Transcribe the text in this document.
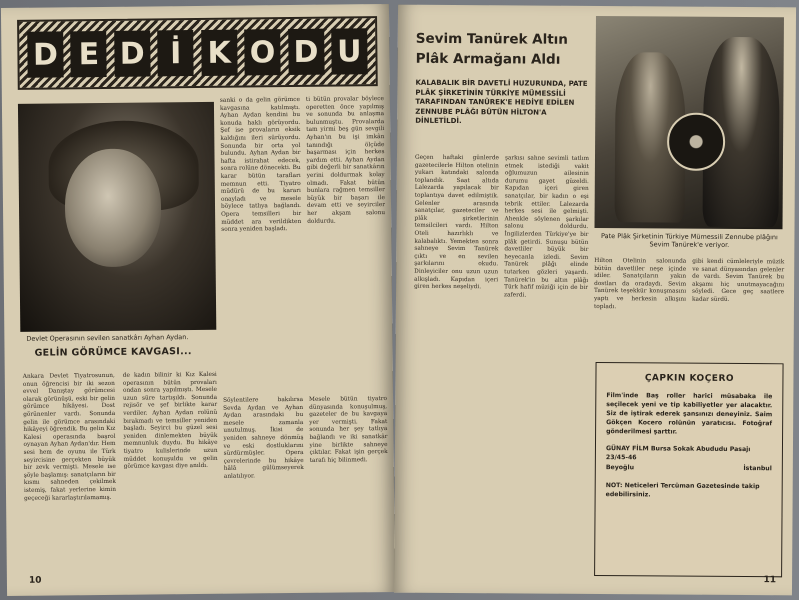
D E D İ K O D U
Devlet Operasının sevilen sanatkârı Ayhan Aydan.
GELİN GÖRÜMCE KAVGASI...

Ankara Devlet Tiyatrosunun, onun öğrencisi bir iki sezon evvel Danıştay görümcesi olarak görünüşü, eski bir gelin görümce hikâyesi. Dost görünenler vardı. Sonunda gelin ile görümce arasındaki hikâyeyi öğrendik. Bu gelin Kız Kalesi operasında başrol oynayan Ayhan Aydan'dır. Hem sesi hem de oyunu ile Türk seyircisine gerçekten büyük bir zevk vermişti. Mesele ise şöyle başlamış: sanatçıların bir kısmı sahneden çekilmek istemiş, fakat yerlerine kimin geçeceği kararlaştırılamamış.

de kadın bilinir ki Kız Kalesi operasının bütün provaları ondan sonra yapılmıştı. Mesele uzun süre tartışıldı. Sonunda rejisör ve şef birlikte karar verdiler. Ayhan Aydan rolünü bırakmadı ve temsiller yeniden başladı. Seyirci bu güzel sesi yeniden dinlemekten büyük memnunluk duydu. Bu hikâye tiyatro kulislerinde uzun müddet konuşuldu ve gelin görümce kavgası diye anıldı.

sanki o da gelin görümce kavgasına katılmıştı. Ayhan Aydan kendini bu konuda haklı görüyordu. Şef ise provaların eksik kaldığını ileri sürüyordu. Sonunda bir orta yol bulundu. Ayhan Aydan bir hafta istirahat edecek, sonra rolüne dönecekti. Bu karar bütün tarafları memnun etti. Tiyatro müdürü de bu kararı onayladı ve mesele böylece tatlıya bağlandı. Opera temsilleri bir müddet ara verildikten sonra yeniden başladı.

ti bütün provalar böylece operetten önce yapılmış ve sonunda bu anlaşma bulunmuştu. Provalarda tam yirmi beş gün sevgili Ayhan'ın bu işi imkân tanındığı ölçüde başarması için herkes yardım etti. Ayhan Aydan gibi değerli bir sanatkârın yerini doldurmak kolay olmadı. Fakat bütün bunlara rağmen temsiller büyük bir başarı ile devam etti ve seyirciler her akşam salonu doldurdu.

Söylentilere bakılırsa Sevda Aydan ve Ayhan Aydan arasındaki bu mesele zamanla unutulmuş. İkisi de yeniden sahneye dönmüş ve eski dostluklarını sürdürmüşler. Opera çevrelerinde bu hikâye hâlâ gülümseyerek anlatılıyor.

Mesele bütün tiyatro dünyasında konuşulmuş, gazeteler de bu kavgaya yer vermişti. Fakat sonunda her şey tatlıya bağlandı ve iki sanatkâr yine birlikte sahneye çıktılar. Fakat işin gerçek tarafı hiç bilinmedi.

10
Sevim Tanürek Altın Plâk Armağanı Aldı
KALABALIK BİR DAVETLİ HUZURUNDA, PATE PLÂK ŞİRKETİNİN TÜRKİYE MÜMESSİLİ TARAFINDAN TANÜREK'E HEDİYE EDİLEN ZENNUBE PLÂĞI BÜTÜN HİLTON'A DİNLETİLDİ.
Pate Plâk Şirketinin Türkiye Mümessili Zennube plâğını Sevim Tanürek'e veriyor.

Geçen haftaki günlerde gazetecilerle Hilton otelinin yukarı katındaki salonda toplandık. Saat altıda Lalezarda yapılacak bir toplantıya davet edilmiştik. Gelenler arasında sanatçılar, gazeteciler ve plâk şirketlerinin temsilcileri vardı. Hilton Oteli hazırlıklı ve kalabalıktı. Yemekten sonra sahneye Sevim Tanürek çıktı ve en sevilen şarkılarını okudu. Dinleyiciler onu uzun uzun alkışladı. Kapıdan içeri giren herkes neşeliydi.

şarkısı sahne sevimli tatlım etmek istediği vakit oğlumuzun ailesinin durumu gayet güzeldi. Kapıdan içeri giren sanatçılar, bir kadın o eşi tebrik ettiler. Lalezarda herkes sesi ile gelmişti. Ahenkle söylenen şarkılar salonu doldurdu. İngilizlerden Türkiye'ye bir plâk getirdi. Sunuşu bütün davetliler büyük bir heyecanla izledi. Sevim Tanürek plâğı elinde tutarken gözleri yaşardı. Tanürek'in bu altın plâğı Türk hafif müziği için de bir zaferdi.

Hilton Otelinin salonunda bütün davetliler neşe içinde idiler. Sanatçıların yakın dostları da oradaydı. Sevim Tanürek teşekkür konuşmasını yaptı ve herkesin alkışını topladı.

gibi kendi cümleleriyle müzik ve sanat dünyasından gelenler de vardı. Sevim Tanürek bu akşamı hiç unutmayacağını söyledi. Gece geç saatlere kadar sürdü.

ÇAPKIN KOÇERO
Film'inde Baş roller harici müsabaka ile seçilecek yeni ve tip kabiliyetler yer alacaktır. Siz de iştirak ederek şansınızı deneyiniz. Saim Gökçen Kocero rolünün yaratıcısı. Fotoğraf gönderilmesi şarttır.
GÜNAY FİLM Bursa Sokak Abududu Pasajı 23/45-46
Beyoğlu	İstanbul
NOT: Neticeleri Tercüman Gazetesinde takip edebilirsiniz.
11
